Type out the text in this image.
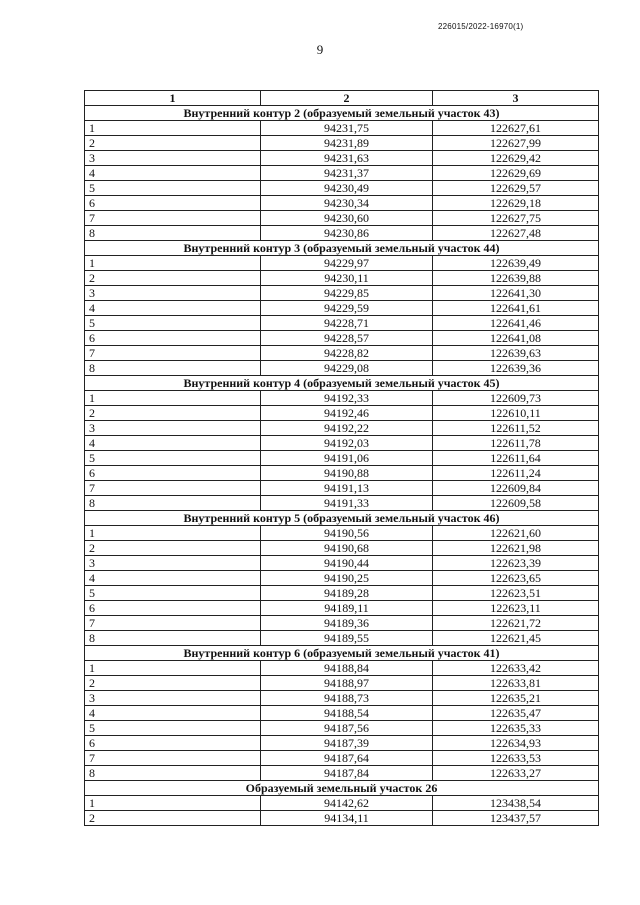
226015/2022-16970(1)
9
1	2	3
Внутренний контур 2 (образуемый земельный участок 43)		
1	94231,75	122627,61
2	94231,89	122627,99
3	94231,63	122629,42
4	94231,37	122629,69
5	94230,49	122629,57
6	94230,34	122629,18
7	94230,60	122627,75
8	94230,86	122627,48
Внутренний контур 3 (образуемый земельный участок 44)		
1	94229,97	122639,49
2	94230,11	122639,88
3	94229,85	122641,30
4	94229,59	122641,61
5	94228,71	122641,46
6	94228,57	122641,08
7	94228,82	122639,63
8	94229,08	122639,36
Внутренний контур 4 (образуемый земельный участок 45)		
1	94192,33	122609,73
2	94192,46	122610,11
3	94192,22	122611,52
4	94192,03	122611,78
5	94191,06	122611,64
6	94190,88	122611,24
7	94191,13	122609,84
8	94191,33	122609,58
Внутренний контур 5 (образуемый земельный участок 46)		
1	94190,56	122621,60
2	94190,68	122621,98
3	94190,44	122623,39
4	94190,25	122623,65
5	94189,28	122623,51
6	94189,11	122623,11
7	94189,36	122621,72
8	94189,55	122621,45
Внутренний контур 6 (образуемый земельный участок 41)		
1	94188,84	122633,42
2	94188,97	122633,81
3	94188,73	122635,21
4	94188,54	122635,47
5	94187,56	122635,33
6	94187,39	122634,93
7	94187,64	122633,53
8	94187,84	122633,27
Образуемый земельный участок 26		
1	94142,62	123438,54
2	94134,11	123437,57
